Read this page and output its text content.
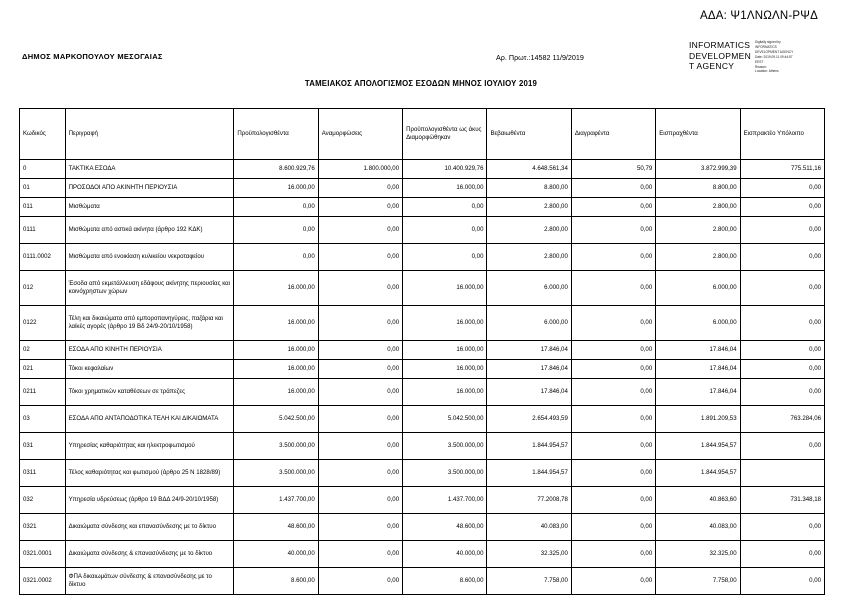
ΑΔΑ: Ψ1ΛΝΩΛΝ-ΡΨΔ
ΔΗΜΟΣ ΜΑΡΚΟΠΟΥΛΟΥ ΜΕΣΟΓΑΙΑΣ	Αρ. Πρωτ.:14582 11/9/2019
INFORMATICS
DEVELOPMEN
T AGENCY
Digitally signed by
INFORMATICS
DEVELOPMENT AGENCY
Date: 2019.09.11 09:44:57
EEST
Reason:
Location: Athens
ΤΑΜΕΙΑΚΟΣ ΑΠΟΛΟΓΙΣΜΟΣ ΕΣΟΔΩΝ ΜΗΝΟΣ ΙΟΥΛΙΟΥ 2019
Κωδικός	Περιγραφή	Προϋπολογισθέντα	Αναμορφώσεις	Προϋπολογισθέντα ως άκυς Διαμορφώθηκαν	Βεβαιωθέντα	Διαγραφέντα	Εισπραχθέντα	Εισπρακτέο Υπόλοιπο
0	ΤΑΚΤΙΚΑ ΕΣΟΔΑ	8.600.929,76	1.800.000,00	10.400.929,76	4.648.561,34	50,79	3.872.999,39	775.511,16
01	ΠΡΟΣΟΔΟΙ ΑΠΟ ΑΚΙΝΗΤΗ ΠΕΡΙΟΥΣΙΑ	16.000,00	0,00	16.000,00	8.800,00	0,00	8.800,00	0,00
011	Μισθώματα	0,00	0,00	0,00	2.800,00	0,00	2.800,00	0,00
0111	Μισθώματα από αστικά ακίνητα (άρθρο 192 ΚΔΚ)	0,00	0,00	0,00	2.800,00	0,00	2.800,00	0,00
0111.0002	Μισθώματα από ενοικίαση κυλικείου νεκροταφείου	0,00	0,00	0,00	2.800,00	0,00	2.800,00	0,00
012	Έσοδα από εκμετάλλευση εδάφους ακίνητης περιουσίας και κοινόχρηστων χώρων	16.000,00	0,00	16.000,00	6.000,00	0,00	6.000,00	0,00
0122	Τέλη και δικαιώματα από εμποροπανηγύρεις, παζάρια και λαϊκές αγορές (άρθρο 19 Βδ 24/9-20/10/1958)	16.000,00	0,00	16.000,00	6.000,00	0,00	6.000,00	0,00
02	ΕΣΟΔΑ ΑΠΟ ΚΙΝΗΤΗ ΠΕΡΙΟΥΣΙΑ	16.000,00	0,00	16.000,00	17.846,04	0,00	17.846,04	0,00
021	Τόκοι κεφαλαίων	16.000,00	0,00	16.000,00	17.846,04	0,00	17.846,04	0,00
0211	Τόκοι χρηματικών καταθέσεων σε τράπεζες	16.000,00	0,00	16.000,00	17.846,04	0,00	17.846,04	0,00
03	ΕΣΟΔΑ ΑΠΟ ΑΝΤΑΠΟΔΟΤΙΚΑ ΤΕΛΗ ΚΑΙ ΔΙΚΑΙΩΜΑΤΑ	5.042.500,00	0,00	5.042.500,00	2.654.493,59	0,00	1.891.209,53	763.284,06
031	Υπηρεσίας καθαριότητας και ηλεκτροφωτισμού	3.500.000,00	0,00	3.500.000,00	1.844.954,57	0,00	1.844.954,57	0,00
0311	Τέλος καθαριότητας και φωτισμού (άρθρο 25 Ν 1828/89)	3.500.000,00	0,00	3.500.000,00	1.844.954,57	0,00	1.844.954,57	
032	Υπηρεσία υδρεύσεως (άρθρο 19 ΒΔΔ 24/9-20/10/1958)	1.437.700,00	0,00	1.437.700,00	77.2008,78	0,00	40.863,60	731.348,18
0321	Δικαιώματα σύνδεσης και επανασύνδεσης με το δίκτυο	48.600,00	0,00	48.600,00	40.083,00	0,00	40.083,00	0,00
0321.0001	Δικαιώματα σύνδεσης & επανασύνδεσης με το δίκτυο	40.000,00	0,00	40.000,00	32.325,00	0,00	32.325,00	0,00
0321.0002	ΦΠΑ δικαιωμάτων σύνδεσης & επανασύνδεσης με το δίκτυο	8.600,00	0,00	8.600,00	7.758,00	0,00	7.758,00	0,00
